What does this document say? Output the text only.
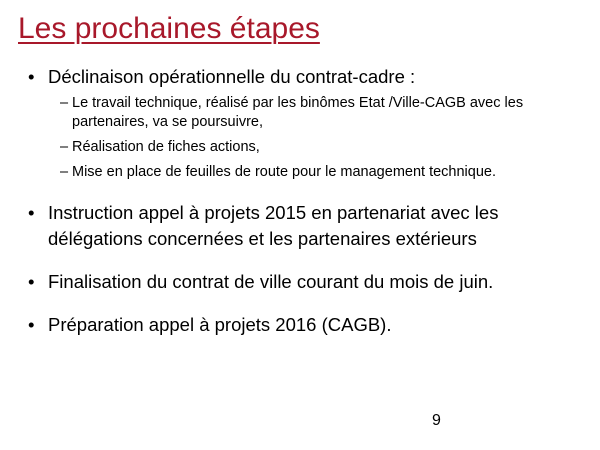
Les prochaines étapes
• Déclinaison opérationnelle du contrat-cadre :
– Le travail technique, réalisé par les binômes Etat /Ville-CAGB avec les partenaires, va se poursuivre,
– Réalisation de fiches actions,
– Mise en place de feuilles de route pour le management technique.
• Instruction appel à projets 2015 en partenariat avec les délégations concernées et les partenaires extérieurs
• Finalisation du contrat de ville courant du mois de juin.
• Préparation appel à projets 2016 (CAGB).
9
